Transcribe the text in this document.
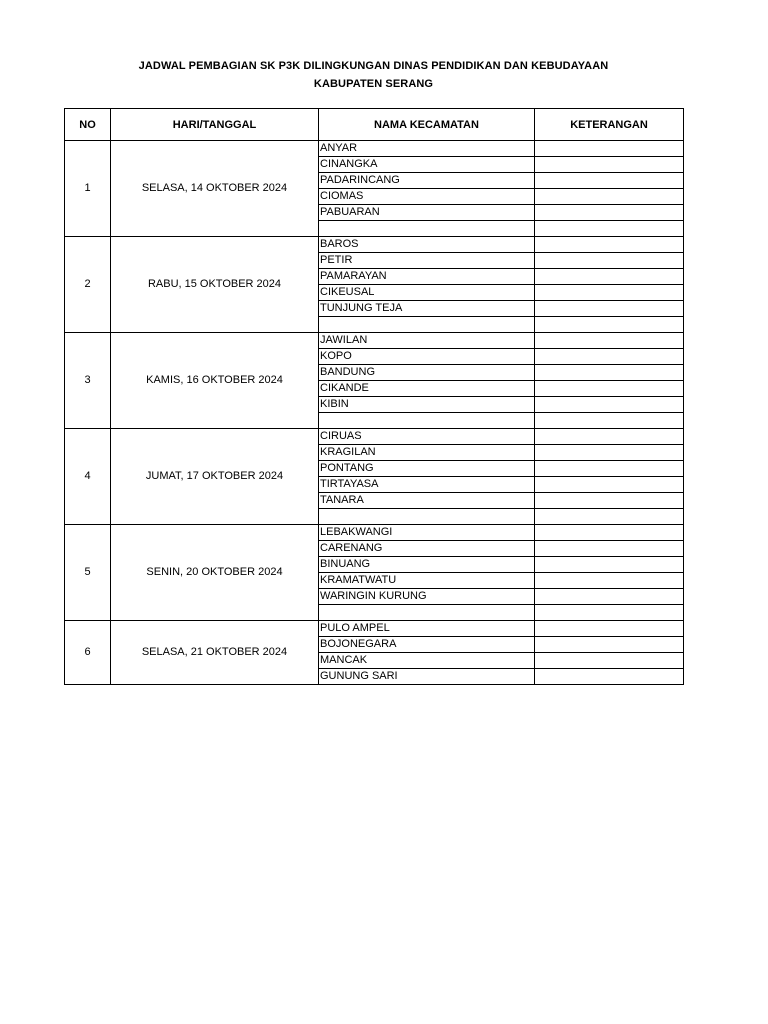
JADWAL PEMBAGIAN SK P3K DILINGKUNGAN DINAS PENDIDIKAN DAN KEBUDAYAAN
KABUPATEN SERANG
NO	HARI/TANGGAL	NAMA KECAMATAN	KETERANGAN
1	SELASA, 14 OKTOBER 2024	ANYAR	
		CINANGKA	
		PADARINCANG	
		CIOMAS	
		PABUARAN	

2	RABU, 15 OKTOBER 2024	BAROS	
		PETIR	
		PAMARAYAN	
		CIKEUSAL	
		TUNJUNG TEJA	

3	KAMIS, 16 OKTOBER 2024	JAWILAN	
		KOPO	
		BANDUNG	
		CIKANDE	
		KIBIN	

4	JUMAT, 17 OKTOBER 2024	CIRUAS	
		KRAGILAN	
		PONTANG	
		TIRTAYASA	
		TANARA	

5	SENIN, 20 OKTOBER 2024	LEBAKWANGI	
		CARENANG	
		BINUANG	
		KRAMATWATU	
		WARINGIN KURUNG	

6	SELASA, 21 OKTOBER 2024	PULO AMPEL	
		BOJONEGARA	
		MANCAK	
		GUNUNG SARI	
